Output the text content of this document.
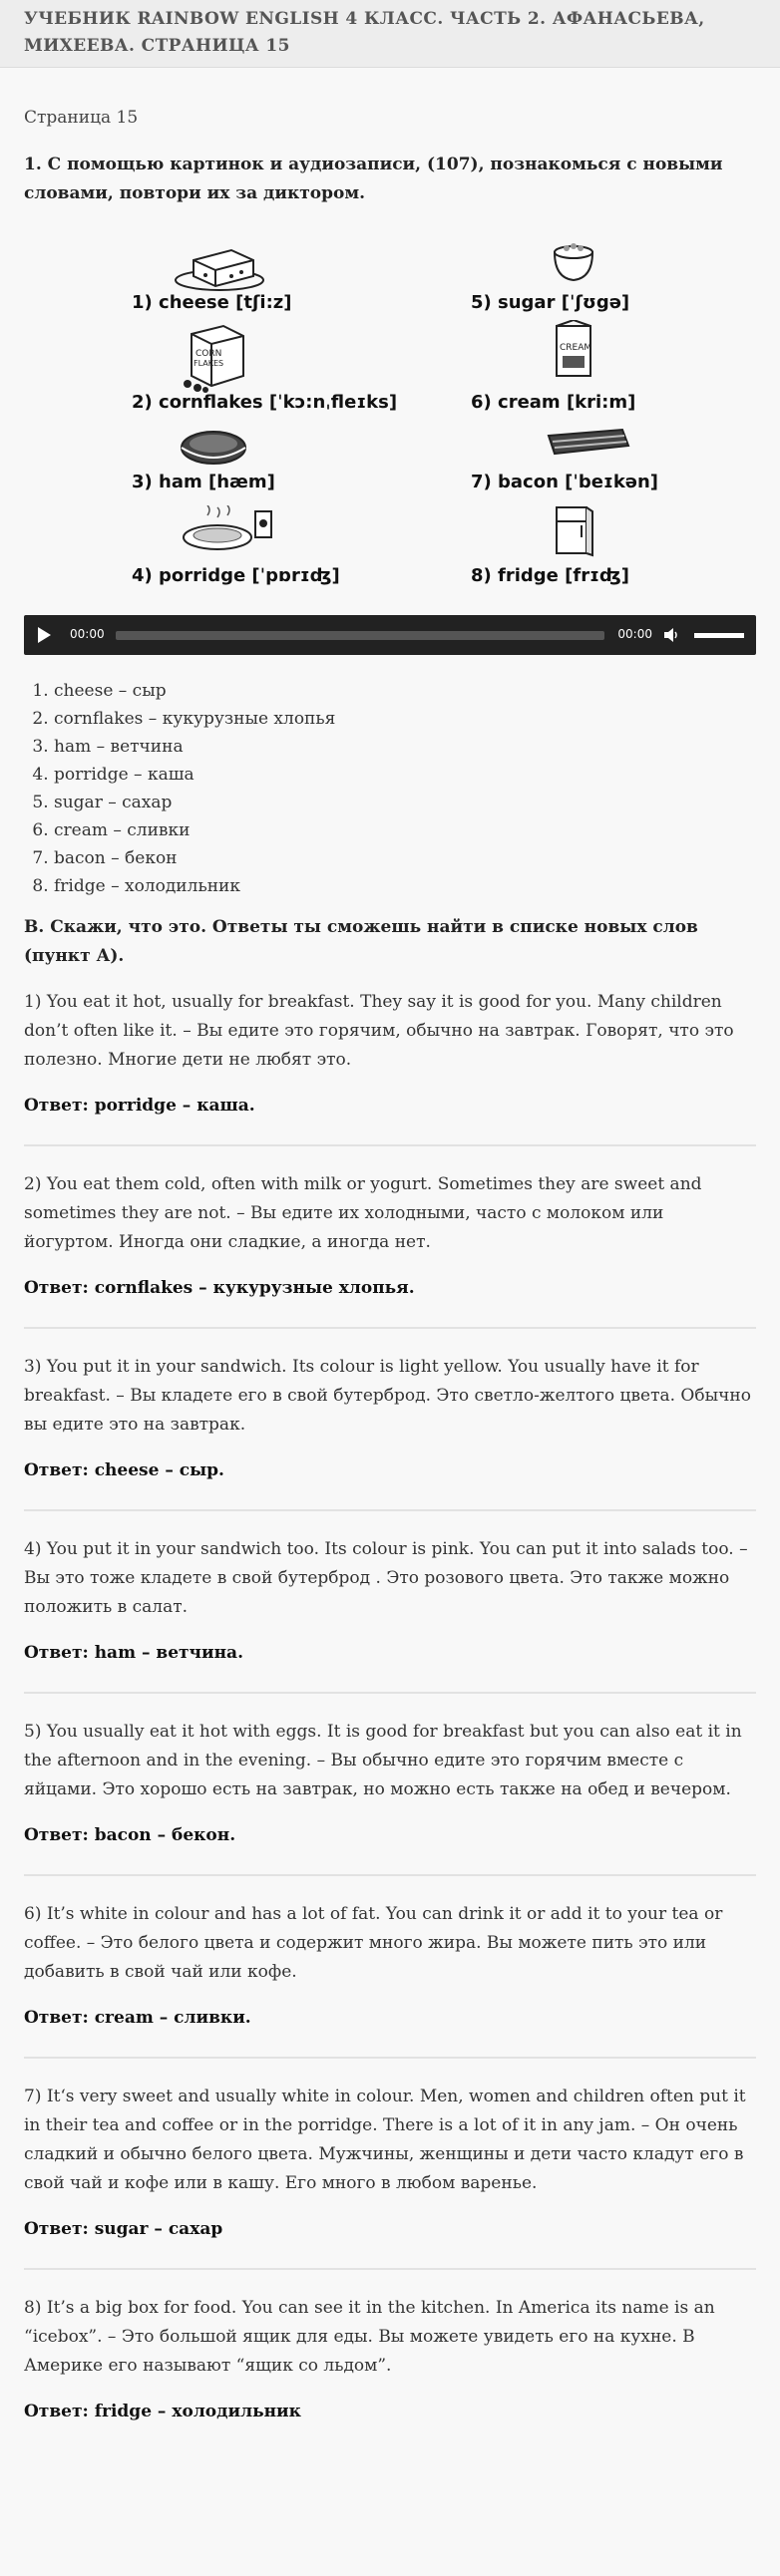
УЧЕБНИК RAINBOW ENGLISH 4 КЛАСС. ЧАСТЬ 2. АФАНАСЬЕВА, МИХЕЕВА. СТРАНИЦА 15

Страница 15

1. С помощью картинок и аудиозаписи, (107), познакомься с новыми словами, повтори их за диктором.

1) cheese [tʃi:z]
CORN
FLAKES
2) cornflakes [ˈkɔ:nˌfleɪks]
3) ham [hæm]
4) porridge [ˈpɒrɪʤ]
5) sugar [ˈʃʊgə]
CREAM
6) cream [kri:m]
7) bacon [ˈbeɪkən]
8) fridge [frɪʤ]
00:00	00:00
1. cheese – сыр
2. cornflakes – кукурузные хлопья
3. ham – ветчина
4. porridge – каша
5. sugar – сахар
6. cream – сливки
7. bacon – бекон
8. fridge – холодильник

B. Скажи, что это. Ответы ты сможешь найти в списке новых слов (пункт А).

1) You eat it hot, usually for breakfast. They say it is good for you. Many children don’t often like it. – Вы едите это горячим, обычно на завтрак. Говорят, что это полезно. Многие дети не любят это.

Ответ: porridge – каша.

2) You eat them cold, often with milk or yogurt. Sometimes they are sweet and sometimes they are not. – Вы едите их холодными, часто с молоком или йогуртом. Иногда они сладкие, а иногда нет.

Ответ: cornflakes – кукурузные хлопья.

3) You put it in your sandwich. Its colour is light yellow. You usually have it for breakfast. – Вы кладете его в свой бутерброд. Это светло-желтого цвета. Обычно вы едите это на завтрак.

Ответ: cheese – сыр.

4) You put it in your sandwich too. Its colour is pink. You can put it into salads too. – Вы это тоже кладете в свой бутерброд . Это розового цвета. Это также можно положить в салат.

Ответ: ham – ветчина.

5) You usually eat it hot with eggs. It is good for breakfast but you can also eat it in the afternoon and in the evening. – Вы обычно едите это горячим вместе с яйцами. Это хорошо есть на завтрак, но можно есть также на обед и вечером.

Ответ: bacon – бекон.

6) It’s white in colour and has a lot of fat. You can drink it or add it to your tea or coffee. – Это белого цвета и содержит много жира. Вы можете пить это или добавить в свой чай или кофе.

Ответ: cream – сливки.

7) It‘s very sweet and usually white in colour. Men, women and children often put it in their tea and coffee or in the porridge. There is a lot of it in any jam. – Он очень сладкий и обычно белого цвета. Мужчины, женщины и дети часто кладут его в свой чай и кофе или в кашу. Его много в любом варенье.

Ответ: sugar – сахар

8) It’s a big box for food. You can see it in the kitchen. In America its name is an “icebox”. – Это большой ящик для еды. Вы можете увидеть его на кухне. В Америке его называют “ящик со льдом”.

Ответ: fridge – холодильник
